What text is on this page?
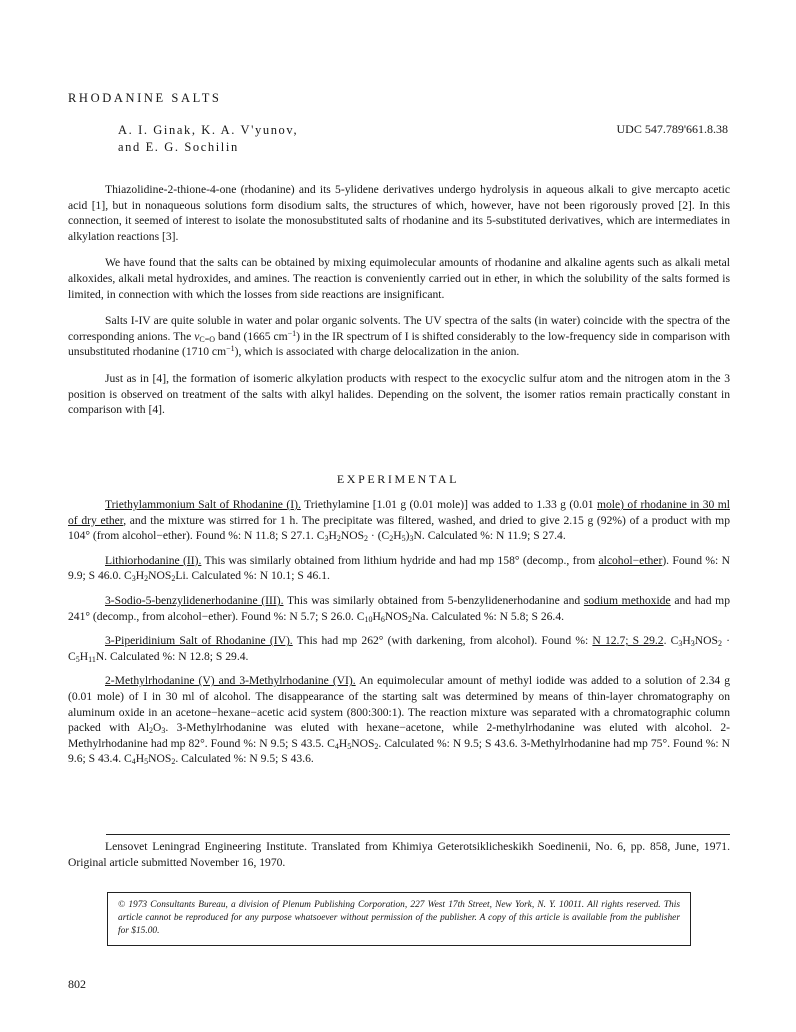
RHODANINE SALTS
A. I. Ginak, K. A. V'yunov,
and E. G. Sochilin
UDC 547.789'661.8.38

Thiazolidine-2-thione-4-one (rhodanine) and its 5-ylidene derivatives undergo hydrolysis in aqueous alkali to give mercapto acetic acid [1], but in nonaqueous solutions form disodium salts, the structures of which, however, have not been rigorously proved [2]. In this connection, it seemed of interest to isolate the monosubstituted salts of rhodanine and its 5-substituted derivatives, which are intermediates in alkylation reactions [3].

We have found that the salts can be obtained by mixing equimolecular amounts of rhodanine and alkaline agents such as alkali metal alkoxides, alkali metal hydroxides, and amines. The reaction is conveniently carried out in ether, in which the solubility of the salts formed is limited, in connection with which the losses from side reactions are insignificant.

Salts I-IV are quite soluble in water and polar organic solvents. The UV spectra of the salts (in water) coincide with the spectra of the corresponding anions. The $\nu_{C=O}$ band (1665 $cm^{-1}$) in the IR spectrum of I is shifted considerably to the low-frequency side in comparison with unsubstituted rhodanine (1710 $cm^{-1}$), which is associated with charge delocalization in the anion.

Just as in [4], the formation of isomeric alkylation products with respect to the exocyclic sulfur atom and the nitrogen atom in the 3 position is observed on treatment of the salts with alkyl halides. Depending on the solvent, the isomer ratios remain practically constant in comparison with [4].

EXPERIMENTAL

Triethylammonium Salt of Rhodanine (I). Triethylamine [1.01 g (0.01 mole)] was added to 1.33 g (0.01 mole) of rhodanine in 30 ml of dry ether, and the mixture was stirred for 1 h. The precipitate was filtered, washed, and dried to give 2.15 g (92%) of a product with mp 104° (from alcohol−ether). Found %: N 11.8; S 27.1. $C_3H_2NOS_2 \cdot (C_2H_5)_3N$. Calculated %: N 11.9; S 27.4.

Lithiorhodanine (II). This was similarly obtained from lithium hydride and had mp 158° (decomp., from alcohol−ether). Found %: N 9.9; S 46.0. $C_3H_2NOS_2Li$. Calculated %: N 10.1; S 46.1.

3-Sodio-5-benzylidenerhodanine (III). This was similarly obtained from 5-benzylidenerhodanine and sodium methoxide and had mp 241° (decomp., from alcohol−ether). Found %: N 5.7; S 26.0. $C_{10}H_6NOS_2Na$. Calculated %: N 5.8; S 26.4.

3-Piperidinium Salt of Rhodanine (IV). This had mp 262° (with darkening, from alcohol). Found %: N 12.7; S 29.2. $C_3H_3NOS_2 \cdot C_5H_{11}N$. Calculated %: N 12.8; S 29.4.

2-Methylrhodanine (V) and 3-Methylrhodanine (VI). An equimolecular amount of methyl iodide was added to a solution of 2.34 g (0.01 mole) of I in 30 ml of alcohol. The disappearance of the starting salt was determined by means of thin-layer chromatography on aluminum oxide in an acetone−hexane−acetic acid system (800:300:1). The reaction mixture was separated with a chromatographic column packed with $Al_2O_3$. 3-Methylrhodanine was eluted with hexane−acetone, while 2-methylrhodanine was eluted with alcohol. 2-Methylrhodanine had mp 82°. Found %: N 9.5; S 43.5. $C_4H_5NOS_2$. Calculated %: N 9.5; S 43.6. 3-Methylrhodanine had mp 75°. Found %: N 9.6; S 43.4. $C_4H_5NOS_2$. Calculated %: N 9.5; S 43.6.

Lensovet Leningrad Engineering Institute. Translated from Khimiya Geterotsiklicheskikh Soedinenii, No. 6, pp. 858, June, 1971. Original article submitted November 16, 1970.
© 1973 Consultants Bureau, a division of Plenum Publishing Corporation, 227 West 17th Street, New York, N. Y. 10011. All rights reserved. This article cannot be reproduced for any purpose whatsoever without permission of the publisher. A copy of this article is available from the publisher for $15.00.
802
